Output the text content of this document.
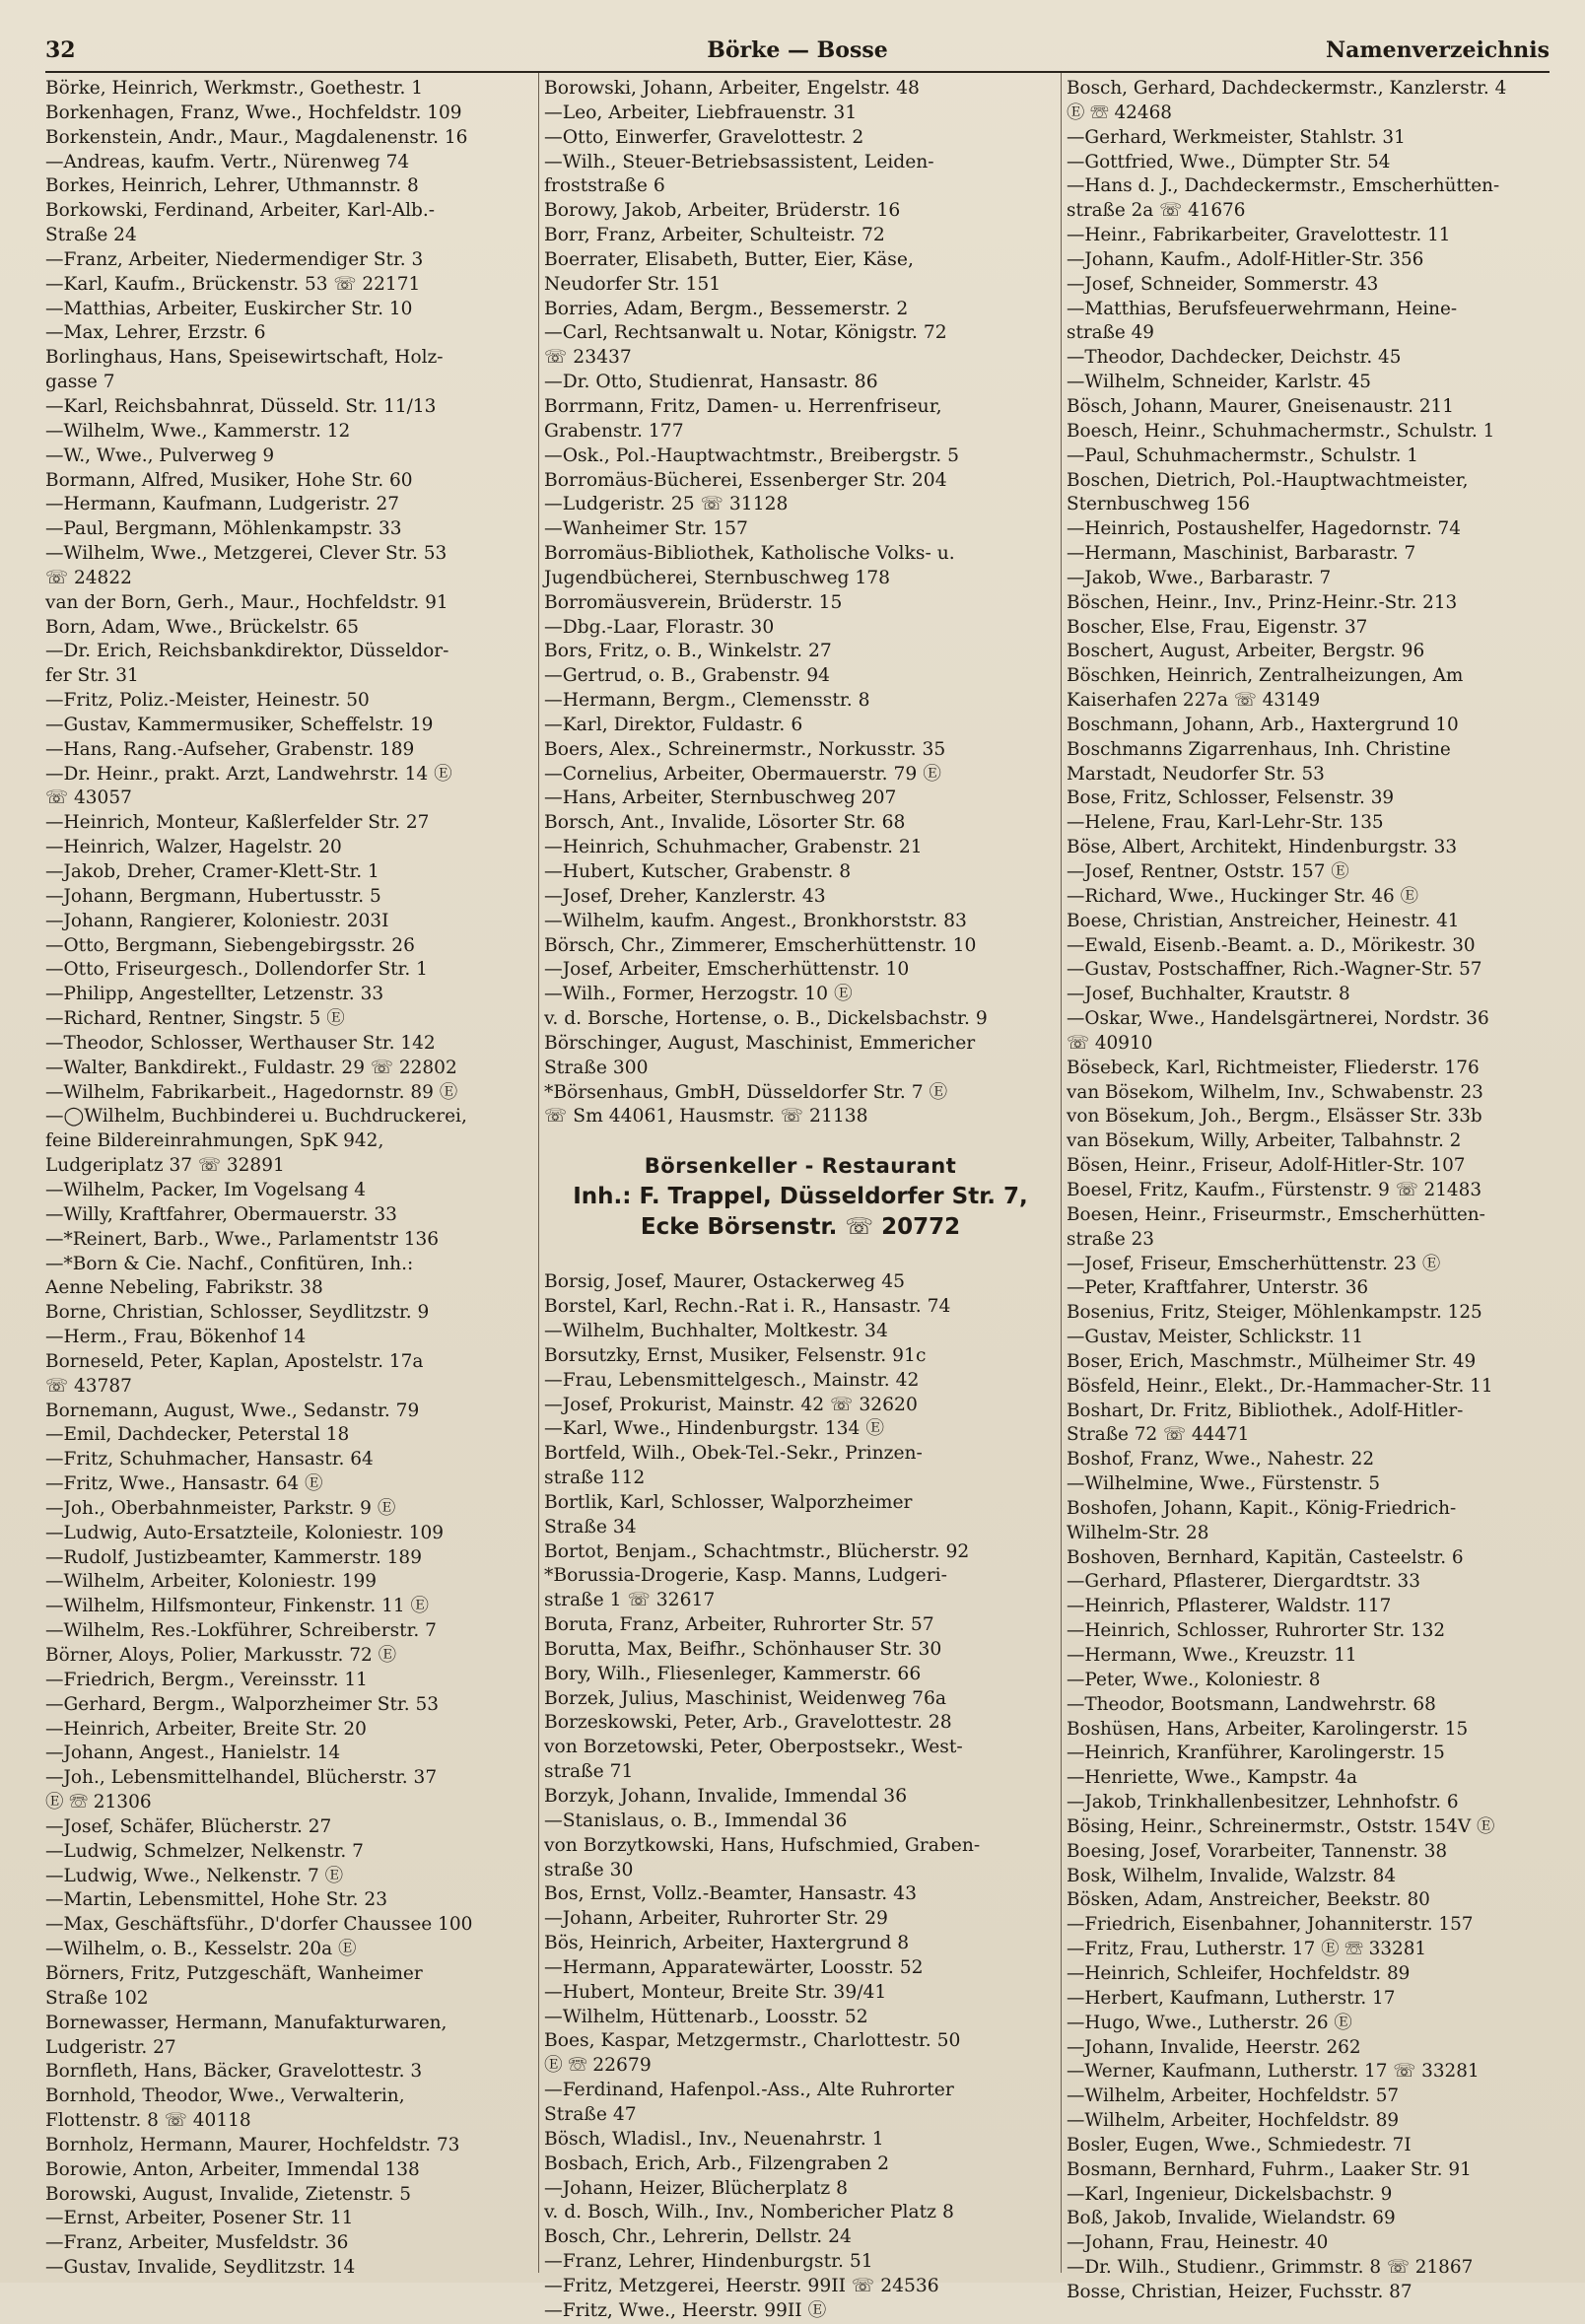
Börke — Bosse
32	Namenverzeichnis
Börke, Heinrich, Werkmstr., Goethestr. 1
Borkenhagen, Franz, Wwe., Hochfeldstr. 109
Borkenstein, Andr., Maur., Magdalenenstr. 16
—Andreas, kaufm. Vertr., Nürenweg 74
Borkes, Heinrich, Lehrer, Uthmannstr. 8
Borkowski, Ferdinand, Arbeiter, Karl-Alb.-
Straße 24
—Franz, Arbeiter, Niedermendiger Str. 3
—Karl, Kaufm., Brückenstr. 53 ☏ 22171
—Matthias, Arbeiter, Euskircher Str. 10
—Max, Lehrer, Erzstr. 6
Borlinghaus, Hans, Speisewirtschaft, Holz-
gasse 7
—Karl, Reichsbahnrat, Düsseld. Str. 11/13
—Wilhelm, Wwe., Kammerstr. 12
—W., Wwe., Pulverweg 9
Bormann, Alfred, Musiker, Hohe Str. 60
—Hermann, Kaufmann, Ludgeristr. 27
—Paul, Bergmann, Möhlenkampstr. 33
—Wilhelm, Wwe., Metzgerei, Clever Str. 53
☏ 24822
van der Born, Gerh., Maur., Hochfeldstr. 91
Born, Adam, Wwe., Brückelstr. 65
—Dr. Erich, Reichsbankdirektor, Düsseldor-
fer Str. 31
—Fritz, Poliz.-Meister, Heinestr. 50
—Gustav, Kammermusiker, Scheffelstr. 19
—Hans, Rang.-Aufseher, Grabenstr. 189
—Dr. Heinr., prakt. Arzt, Landwehrstr. 14 Ⓔ
☏ 43057
—Heinrich, Monteur, Kaßlerfelder Str. 27
—Heinrich, Walzer, Hagelstr. 20
—Jakob, Dreher, Cramer-Klett-Str. 1
—Johann, Bergmann, Hubertusstr. 5
—Johann, Rangierer, Koloniestr. 203I
—Otto, Bergmann, Siebengebirgsstr. 26
—Otto, Friseurgesch., Dollendorfer Str. 1
—Philipp, Angestellter, Letzenstr. 33
—Richard, Rentner, Singstr. 5 Ⓔ
—Theodor, Schlosser, Werthauser Str. 142
—Walter, Bankdirekt., Fuldastr. 29 ☏ 22802
—Wilhelm, Fabrikarbeit., Hagedornstr. 89 Ⓔ
—◯Wilhelm, Buchbinderei u. Buchdruckerei,
feine Bildereinrahmungen, SpK 942,
Ludgeriplatz 37 ☏ 32891
—Wilhelm, Packer, Im Vogelsang 4
—Willy, Kraftfahrer, Obermauerstr. 33
—*Reinert, Barb., Wwe., Parlamentstr 136
—*Born & Cie. Nachf., Confitüren, Inh.:
Aenne Nebeling, Fabrikstr. 38
Borne, Christian, Schlosser, Seydlitzstr. 9
—Herm., Frau, Bökenhof 14
Borneseld, Peter, Kaplan, Apostelstr. 17a
☏ 43787
Bornemann, August, Wwe., Sedanstr. 79
—Emil, Dachdecker, Peterstal 18
—Fritz, Schuhmacher, Hansastr. 64
—Fritz, Wwe., Hansastr. 64 Ⓔ
—Joh., Oberbahnmeister, Parkstr. 9 Ⓔ
—Ludwig, Auto-Ersatzteile, Koloniestr. 109
—Rudolf, Justizbeamter, Kammerstr. 189
—Wilhelm, Arbeiter, Koloniestr. 199
—Wilhelm, Hilfsmonteur, Finkenstr. 11 Ⓔ
—Wilhelm, Res.-Lokführer, Schreiberstr. 7
Börner, Aloys, Polier, Markusstr. 72 Ⓔ
—Friedrich, Bergm., Vereinsstr. 11
—Gerhard, Bergm., Walporzheimer Str. 53
—Heinrich, Arbeiter, Breite Str. 20
—Johann, Angest., Hanielstr. 14
—Joh., Lebensmittelhandel, Blücherstr. 37
Ⓔ ☏ 21306
—Josef, Schäfer, Blücherstr. 27
—Ludwig, Schmelzer, Nelkenstr. 7
—Ludwig, Wwe., Nelkenstr. 7 Ⓔ
—Martin, Lebensmittel, Hohe Str. 23
—Max, Geschäftsführ., D'dorfer Chaussee 100
—Wilhelm, o. B., Kesselstr. 20a Ⓔ
Börners, Fritz, Putzgeschäft, Wanheimer
Straße 102
Bornewasser, Hermann, Manufakturwaren,
Ludgeristr. 27
Bornfleth, Hans, Bäcker, Gravelottestr. 3
Bornhold, Theodor, Wwe., Verwalterin,
Flottenstr. 8 ☏ 40118
Bornholz, Hermann, Maurer, Hochfeldstr. 73
Borowie, Anton, Arbeiter, Immendal 138
Borowski, August, Invalide, Zietenstr. 5
—Ernst, Arbeiter, Posener Str. 11
—Franz, Arbeiter, Musfeldstr. 36
—Gustav, Invalide, Seydlitzstr. 14
Borowski, Johann, Arbeiter, Engelstr. 48
—Leo, Arbeiter, Liebfrauenstr. 31
—Otto, Einwerfer, Gravelottestr. 2
—Wilh., Steuer-Betriebsassistent, Leiden-
froststraße 6
Borowy, Jakob, Arbeiter, Brüderstr. 16
Borr, Franz, Arbeiter, Schulteistr. 72
Boerrater, Elisabeth, Butter, Eier, Käse,
Neudorfer Str. 151
Borries, Adam, Bergm., Bessemerstr. 2
—Carl, Rechtsanwalt u. Notar, Königstr. 72
☏ 23437
—Dr. Otto, Studienrat, Hansastr. 86
Borrmann, Fritz, Damen- u. Herrenfriseur,
Grabenstr. 177
—Osk., Pol.-Hauptwachtmstr., Breibergstr. 5
Borromäus-Bücherei, Essenberger Str. 204
—Ludgeristr. 25 ☏ 31128
—Wanheimer Str. 157
Borromäus-Bibliothek, Katholische Volks- u.
Jugendbücherei, Sternbuschweg 178
Borromäusverein, Brüderstr. 15
—Dbg.-Laar, Florastr. 30
Bors, Fritz, o. B., Winkelstr. 27
—Gertrud, o. B., Grabenstr. 94
—Hermann, Bergm., Clemensstr. 8
—Karl, Direktor, Fuldastr. 6
Boers, Alex., Schreinermstr., Norkusstr. 35
—Cornelius, Arbeiter, Obermauerstr. 79 Ⓔ
—Hans, Arbeiter, Sternbuschweg 207
Borsch, Ant., Invalide, Lösorter Str. 68
—Heinrich, Schuhmacher, Grabenstr. 21
—Hubert, Kutscher, Grabenstr. 8
—Josef, Dreher, Kanzlerstr. 43
—Wilhelm, kaufm. Angest., Bronkhorststr. 83
Börsch, Chr., Zimmerer, Emscherhüttenstr. 10
—Josef, Arbeiter, Emscherhüttenstr. 10
—Wilh., Former, Herzogstr. 10 Ⓔ
v. d. Borsche, Hortense, o. B., Dickelsbachstr. 9
Börschinger, August, Maschinist, Emmericher
Straße 300
*Börsenhaus, GmbH, Düsseldorfer Str. 7 Ⓔ
☏ Sm 44061, Hausmstr. ☏ 21138
Börsenkeller - Restaurant
Inh.: F. Trappel, Düsseldorfer Str. 7,
Ecke Börsenstr. ☏ 20772
Borsig, Josef, Maurer, Ostackerweg 45
Borstel, Karl, Rechn.-Rat i. R., Hansastr. 74
—Wilhelm, Buchhalter, Moltkestr. 34
Borsutzky, Ernst, Musiker, Felsenstr. 91c
—Frau, Lebensmittelgesch., Mainstr. 42
—Josef, Prokurist, Mainstr. 42 ☏ 32620
—Karl, Wwe., Hindenburgstr. 134 Ⓔ
Bortfeld, Wilh., Obek-Tel.-Sekr., Prinzen-
straße 112
Bortlik, Karl, Schlosser, Walporzheimer
Straße 34
Bortot, Benjam., Schachtmstr., Blücherstr. 92
*Borussia-Drogerie, Kasp. Manns, Ludgeri-
straße 1 ☏ 32617
Boruta, Franz, Arbeiter, Ruhrorter Str. 57
Borutta, Max, Beifhr., Schönhauser Str. 30
Bory, Wilh., Fliesenleger, Kammerstr. 66
Borzek, Julius, Maschinist, Weidenweg 76a
Borzeskowski, Peter, Arb., Gravelottestr. 28
von Borzetowski, Peter, Oberpostsekr., West-
straße 71
Borzyk, Johann, Invalide, Immendal 36
—Stanislaus, o. B., Immendal 36
von Borzytkowski, Hans, Hufschmied, Graben-
straße 30
Bos, Ernst, Vollz.-Beamter, Hansastr. 43
—Johann, Arbeiter, Ruhrorter Str. 29
Bös, Heinrich, Arbeiter, Haxtergrund 8
—Hermann, Apparatewärter, Loosstr. 52
—Hubert, Monteur, Breite Str. 39/41
—Wilhelm, Hüttenarb., Loosstr. 52
Boes, Kaspar, Metzgermstr., Charlottestr. 50
Ⓔ ☏ 22679
—Ferdinand, Hafenpol.-Ass., Alte Ruhrorter
Straße 47
Bösch, Wladisl., Inv., Neuenahrstr. 1
Bosbach, Erich, Arb., Filzengraben 2
—Johann, Heizer, Blücherplatz 8
v. d. Bosch, Wilh., Inv., Nombericher Platz 8
Bosch, Chr., Lehrerin, Dellstr. 24
—Franz, Lehrer, Hindenburgstr. 51
—Fritz, Metzgerei, Heerstr. 99II ☏ 24536
—Fritz, Wwe., Heerstr. 99II Ⓔ
Bosch, Gerhard, Dachdeckermstr., Kanzlerstr. 4
Ⓔ ☏ 42468
—Gerhard, Werkmeister, Stahlstr. 31
—Gottfried, Wwe., Dümpter Str. 54
—Hans d. J., Dachdeckermstr., Emscherhütten-
straße 2a ☏ 41676
—Heinr., Fabrikarbeiter, Gravelottestr. 11
—Johann, Kaufm., Adolf-Hitler-Str. 356
—Josef, Schneider, Sommerstr. 43
—Matthias, Berufsfeuerwehrmann, Heine-
straße 49
—Theodor, Dachdecker, Deichstr. 45
—Wilhelm, Schneider, Karlstr. 45
Bösch, Johann, Maurer, Gneisenaustr. 211
Boesch, Heinr., Schuhmachermstr., Schulstr. 1
—Paul, Schuhmachermstr., Schulstr. 1
Boschen, Dietrich, Pol.-Hauptwachtmeister,
Sternbuschweg 156
—Heinrich, Postaushelfer, Hagedornstr. 74
—Hermann, Maschinist, Barbarastr. 7
—Jakob, Wwe., Barbarastr. 7
Böschen, Heinr., Inv., Prinz-Heinr.-Str. 213
Boscher, Else, Frau, Eigenstr. 37
Boschert, August, Arbeiter, Bergstr. 96
Böschken, Heinrich, Zentralheizungen, Am
Kaiserhafen 227a ☏ 43149
Boschmann, Johann, Arb., Haxtergrund 10
Boschmanns Zigarrenhaus, Inh. Christine
Marstadt, Neudorfer Str. 53
Bose, Fritz, Schlosser, Felsenstr. 39
—Helene, Frau, Karl-Lehr-Str. 135
Böse, Albert, Architekt, Hindenburgstr. 33
—Josef, Rentner, Oststr. 157 Ⓔ
—Richard, Wwe., Huckinger Str. 46 Ⓔ
Boese, Christian, Anstreicher, Heinestr. 41
—Ewald, Eisenb.-Beamt. a. D., Mörikestr. 30
—Gustav, Postschaffner, Rich.-Wagner-Str. 57
—Josef, Buchhalter, Krautstr. 8
—Oskar, Wwe., Handelsgärtnerei, Nordstr. 36
☏ 40910
Bösebeck, Karl, Richtmeister, Fliederstr. 176
van Bösekom, Wilhelm, Inv., Schwabenstr. 23
von Bösekum, Joh., Bergm., Elsässer Str. 33b
van Bösekum, Willy, Arbeiter, Talbahnstr. 2
Bösen, Heinr., Friseur, Adolf-Hitler-Str. 107
Boesel, Fritz, Kaufm., Fürstenstr. 9 ☏ 21483
Boesen, Heinr., Friseurmstr., Emscherhütten-
straße 23
—Josef, Friseur, Emscherhüttenstr. 23 Ⓔ
—Peter, Kraftfahrer, Unterstr. 36
Bosenius, Fritz, Steiger, Möhlenkampstr. 125
—Gustav, Meister, Schlickstr. 11
Boser, Erich, Maschmstr., Mülheimer Str. 49
Bösfeld, Heinr., Elekt., Dr.-Hammacher-Str. 11
Boshart, Dr. Fritz, Bibliothek., Adolf-Hitler-
Straße 72 ☏ 44471
Boshof, Franz, Wwe., Nahestr. 22
—Wilhelmine, Wwe., Fürstenstr. 5
Boshofen, Johann, Kapit., König-Friedrich-
Wilhelm-Str. 28
Boshoven, Bernhard, Kapitän, Casteelstr. 6
—Gerhard, Pflasterer, Diergardtstr. 33
—Heinrich, Pflasterer, Waldstr. 117
—Heinrich, Schlosser, Ruhrorter Str. 132
—Hermann, Wwe., Kreuzstr. 11
—Peter, Wwe., Koloniestr. 8
—Theodor, Bootsmann, Landwehrstr. 68
Boshüsen, Hans, Arbeiter, Karolingerstr. 15
—Heinrich, Kranführer, Karolingerstr. 15
—Henriette, Wwe., Kampstr. 4a
—Jakob, Trinkhallenbesitzer, Lehnhofstr. 6
Bösing, Heinr., Schreinermstr., Oststr. 154V Ⓔ
Boesing, Josef, Vorarbeiter, Tannenstr. 38
Bosk, Wilhelm, Invalide, Walzstr. 84
Bösken, Adam, Anstreicher, Beekstr. 80
—Friedrich, Eisenbahner, Johanniterstr. 157
—Fritz, Frau, Lutherstr. 17 Ⓔ ☏ 33281
—Heinrich, Schleifer, Hochfeldstr. 89
—Herbert, Kaufmann, Lutherstr. 17
—Hugo, Wwe., Lutherstr. 26 Ⓔ
—Johann, Invalide, Heerstr. 262
—Werner, Kaufmann, Lutherstr. 17 ☏ 33281
—Wilhelm, Arbeiter, Hochfeldstr. 57
—Wilhelm, Arbeiter, Hochfeldstr. 89
Bosler, Eugen, Wwe., Schmiedestr. 7I
Bosmann, Bernhard, Fuhrm., Laaker Str. 91
—Karl, Ingenieur, Dickelsbachstr. 9
Boß, Jakob, Invalide, Wielandstr. 69
—Johann, Frau, Heinestr. 40
—Dr. Wilh., Studienr., Grimmstr. 8 ☏ 21867
Bosse, Christian, Heizer, Fuchsstr. 87
